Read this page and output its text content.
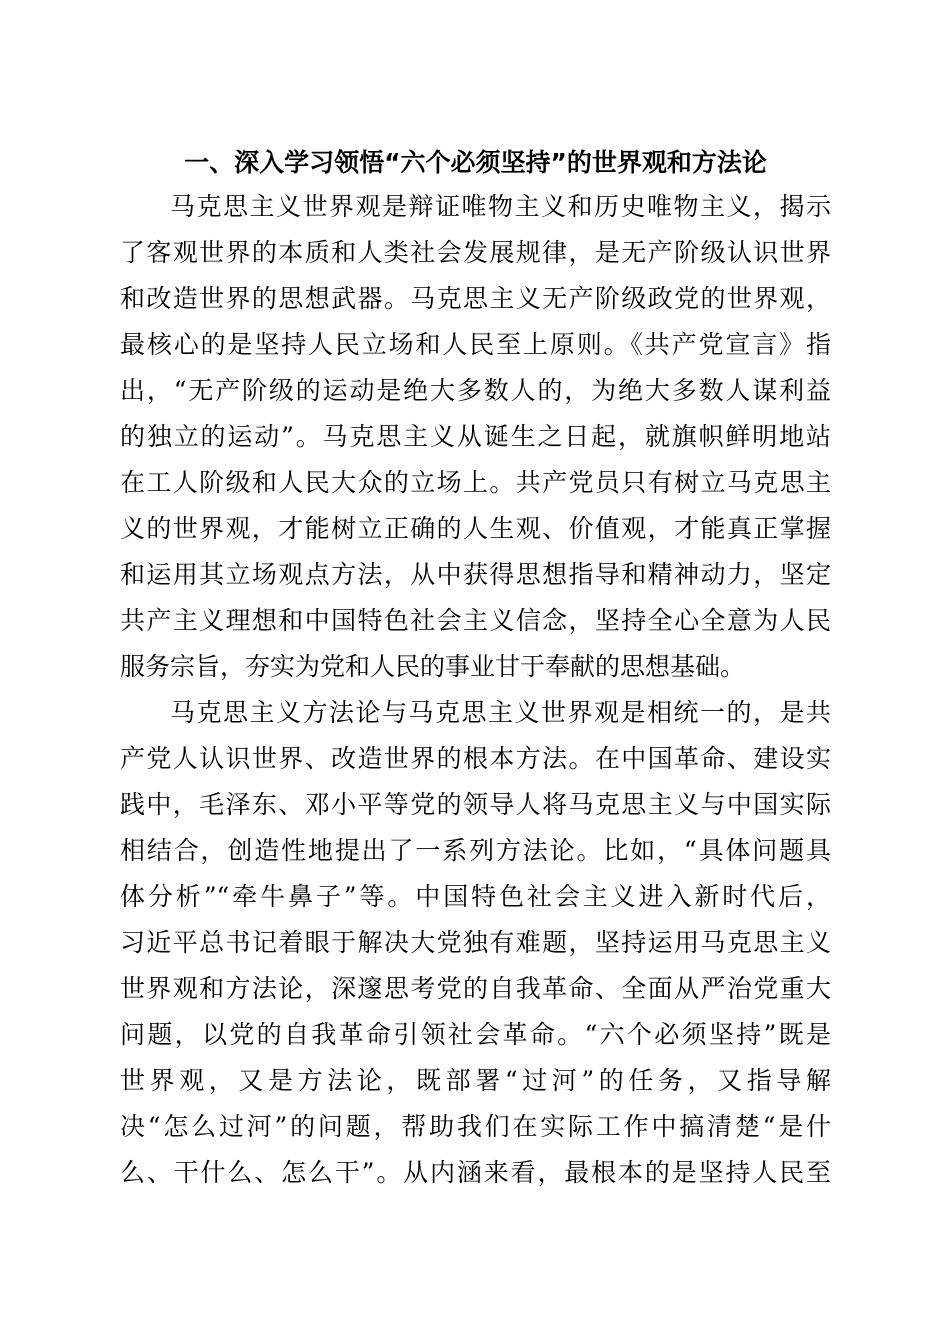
一、深入学习领悟“六个必须坚持”的世界观和方法论
马克思主义世界观是辩证唯物主义和历史唯物主义，揭示
了客观世界的本质和人类社会发展规律，是无产阶级认识世界
和改造世界的思想武器。马克思主义无产阶级政党的世界观，
最核心的是坚持人民立场和人民至上原则。《共产党宣言》指
出，“无产阶级的运动是绝大多数人的，为绝大多数人谋利益
的独立的运动”。马克思主义从诞生之日起，就旗帜鲜明地站
在工人阶级和人民大众的立场上。共产党员只有树立马克思主
义的世界观，才能树立正确的人生观、价值观，才能真正掌握
和运用其立场观点方法，从中获得思想指导和精神动力，坚定
共产主义理想和中国特色社会主义信念，坚持全心全意为人民
服务宗旨，夯实为党和人民的事业甘于奉献的思想基础。
马克思主义方法论与马克思主义世界观是相统一的，是共
产党人认识世界、改造世界的根本方法。在中国革命、建设实
践中，毛泽东、邓小平等党的领导人将马克思主义与中国实际
相结合，创造性地提出了一系列方法论。比如，“具体问题具
体分析”“牵牛鼻子”等。中国特色社会主义进入新时代后，
习近平总书记着眼于解决大党独有难题，坚持运用马克思主义
世界观和方法论，深邃思考党的自我革命、全面从严治党重大
问题，以党的自我革命引领社会革命。“六个必须坚持”既是
世界观，又是方法论，既部署“过河”的任务，又指导解
决“怎么过河”的问题，帮助我们在实际工作中搞清楚“是什
么、干什么、怎么干”。从内涵来看，最根本的是坚持人民至
